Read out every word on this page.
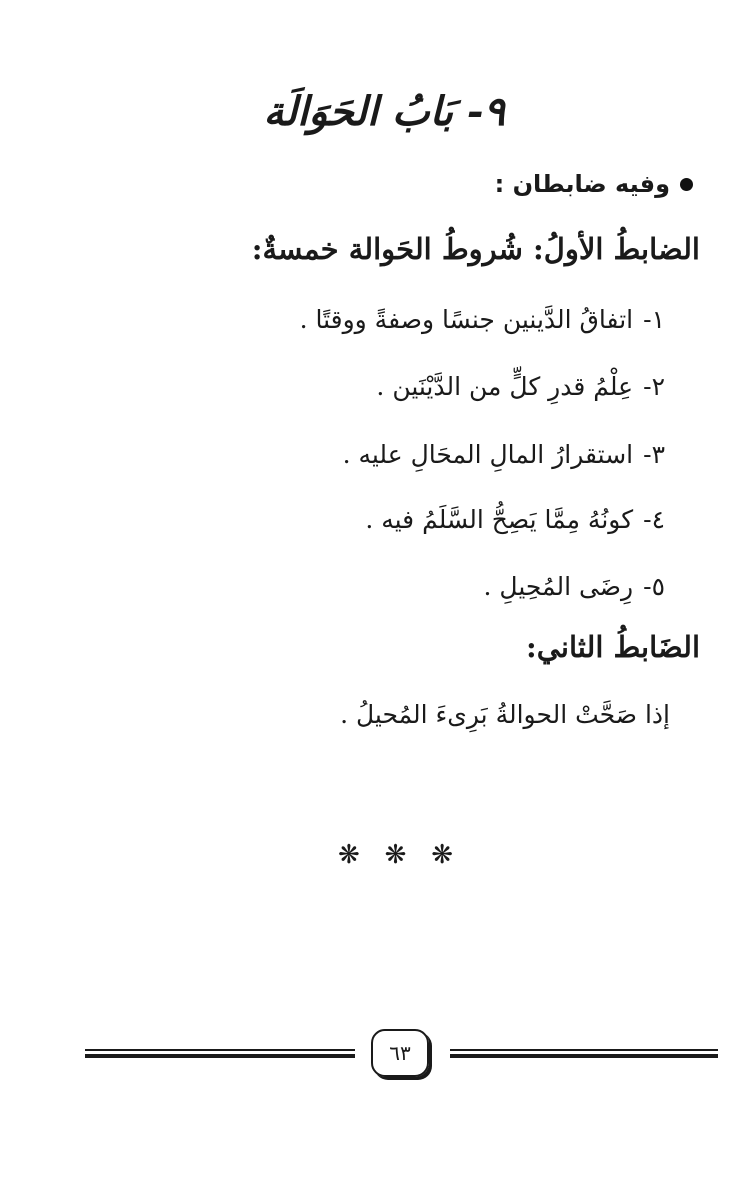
٩- بَابُ الحَوَالَة
وفيه ضابطان :
الضابطُ الأولُ: شُروطُ الحَوالة خمسةٌ:
١-اتفاقُ الدَّينين جنسًا وصفةً ووقتًا .
٢-عِلْمُ قدرِ كلٍّ من الدَّيْنَين .
٣-استقرارُ المالِ المحَالِ عليه .
٤-كونُهُ مِمَّا يَصِحُّ السَّلَمُ فيه .
٥-رِضَى المُحِيلِ .
الضَابطُ الثاني:
إذا صَحَّتْ الحوالةُ بَرِىءَ المُحيلُ .
❋ ❋ ❋
٦٣
